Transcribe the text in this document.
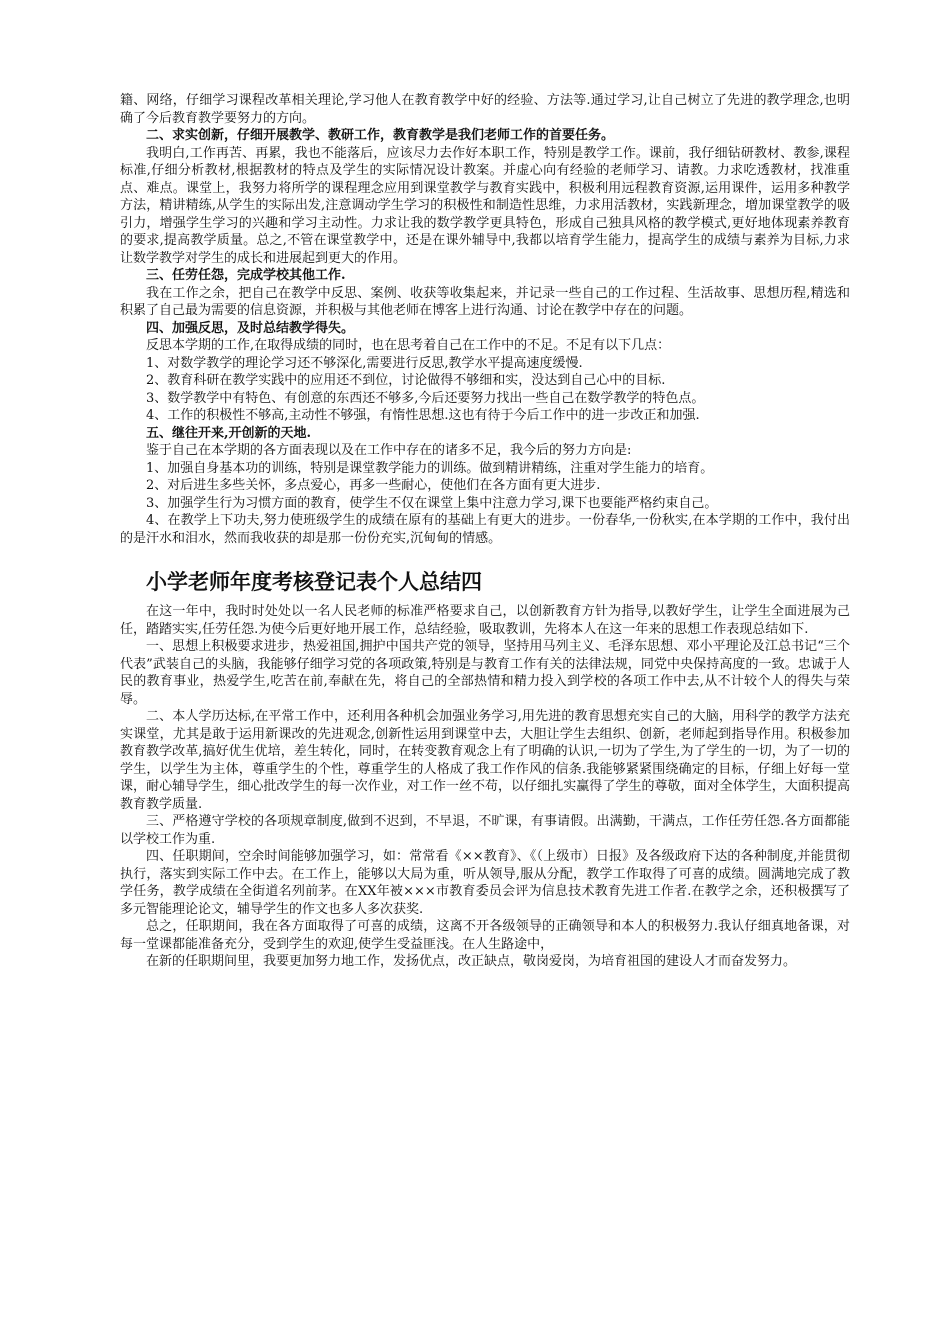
籍、网络，仔细学习课程改革相关理论,学习他人在教育教学中好的经验、方法等.通过学习,让自己树立了先进的教学理念,也明确了今后教育教学要努力的方向。

二、求实创新，仔细开展教学、教研工作，教育教学是我们老师工作的首要任务。

我明白,工作再苦、再累，我也不能落后，应该尽力去作好本职工作，特别是教学工作。课前，我仔细钻研教材、教参,课程标准,仔细分析教材,根据教材的特点及学生的实际情况设计教案。并虚心向有经验的老师学习、请教。力求吃透教材，找准重点、难点。课堂上，我努力将所学的课程理念应用到课堂教学与教育实践中，积极利用远程教育资源,运用课件，运用多种教学方法，精讲精练,从学生的实际出发,注意调动学生学习的积极性和制造性思维，力求用活教材，实践新理念，增加课堂教学的吸引力，增强学生学习的兴趣和学习主动性。力求让我的数学教学更具特色，形成自己独具风格的教学模式,更好地体现素养教育的要求,提高教学质量。总之,不管在课堂教学中，还是在课外辅导中,我都以培育学生能力，提高学生的成绩与素养为目标,力求让数学教学对学生的成长和进展起到更大的作用。

三、任劳任怨，完成学校其他工作.

我在工作之余，把自己在教学中反思、案例、收获等收集起来，并记录一些自己的工作过程、生活故事、思想历程,精选和积累了自己最为需要的信息资源，并积极与其他老师在博客上进行沟通、讨论在教学中存在的问题。

四、加强反思，及时总结教学得失。

反思本学期的工作,在取得成绩的同时，也在思考着自己在工作中的不足。不足有以下几点：

1、对数学教学的理论学习还不够深化,需要进行反思,教学水平提高速度缓慢.

2、教育科研在教学实践中的应用还不到位，讨论做得不够细和实，没达到自己心中的目标.

3、数学教学中有特色、有创意的东西还不够多,今后还要努力找出一些自己在数学教学的特色点。

4、工作的积极性不够高,主动性不够强，有惰性思想.这也有待于今后工作中的进一步改正和加强.

五、继往开来,开创新的天地.

鉴于自己在本学期的各方面表现以及在工作中存在的诸多不足，我今后的努力方向是:

1、加强自身基本功的训练，特别是课堂教学能力的训练。做到精讲精练，注重对学生能力的培育。

2、对后进生多些关怀，多点爱心，再多一些耐心，使他们在各方面有更大进步.

3、加强学生行为习惯方面的教育，使学生不仅在课堂上集中注意力学习,课下也要能严格约束自己。

4、在教学上下功夫,努力使班级学生的成绩在原有的基础上有更大的进步。一份春华,一份秋实,在本学期的工作中，我付出的是汗水和泪水，然而我收获的却是那一份份充实,沉甸甸的情感。

小学老师年度考核登记表个人总结四

在这一年中，我时时处处以一名人民老师的标准严格要求自己，以创新教育方针为指导,以教好学生，让学生全面进展为己任，踏踏实实,任劳任怨.为使今后更好地开展工作，总结经验，吸取教训，先将本人在这一年来的思想工作表现总结如下.

一、思想上积极要求进步，热爱祖国,拥护中国共产党的领导，坚持用马列主义、毛泽东思想、邓小平理论及江总书记“三个代表”武装自己的头脑，我能够仔细学习党的各项政策,特别是与教育工作有关的法律法规，同党中央保持高度的一致。忠诚于人民的教育事业，热爱学生,吃苦在前,奉献在先，将自己的全部热情和精力投入到学校的各项工作中去,从不计较个人的得失与荣辱。

二、本人学历达标,在平常工作中，还利用各种机会加强业务学习,用先进的教育思想充实自己的大脑，用科学的教学方法充实课堂，尤其是敢于运用新课改的先进观念,创新性运用到课堂中去，大胆让学生去组织、创新，老师起到指导作用。积极参加教育教学改革,搞好优生优培，差生转化，同时，在转变教育观念上有了明确的认识,一切为了学生,为了学生的一切，为了一切的学生，以学生为主体，尊重学生的个性，尊重学生的人格成了我工作作风的信条.我能够紧紧围绕确定的目标，仔细上好每一堂课，耐心辅导学生，细心批改学生的每一次作业，对工作一丝不苟，以仔细扎实赢得了学生的尊敬，面对全体学生，大面积提高教育教学质量.

三、严格遵守学校的各项规章制度,做到不迟到，不早退，不旷课，有事请假。出满勤，干满点，工作任劳任怨.各方面都能以学校工作为重.

四、任职期间，空余时间能够加强学习，如：常常看《××教育》、《（上级市）日报》及各级政府下达的各种制度,并能贯彻执行，落实到实际工作中去。在工作上，能够以大局为重，听从领导,服从分配，教学工作取得了可喜的成绩。圆满地完成了教学任务，教学成绩在全街道名列前茅。在XX年被×××市教育委员会评为信息技术教育先进工作者.在教学之余，还积极撰写了多元智能理论论文，辅导学生的作文也多人多次获奖.

总之，任职期间，我在各方面取得了可喜的成绩，这离不开各级领导的正确领导和本人的积极努力.我认仔细真地备课，对每一堂课都能准备充分，受到学生的欢迎,使学生受益匪浅。在人生路途中，

在新的任职期间里，我要更加努力地工作，发扬优点，改正缺点，敬岗爱岗，为培育祖国的建设人才而奋发努力。
